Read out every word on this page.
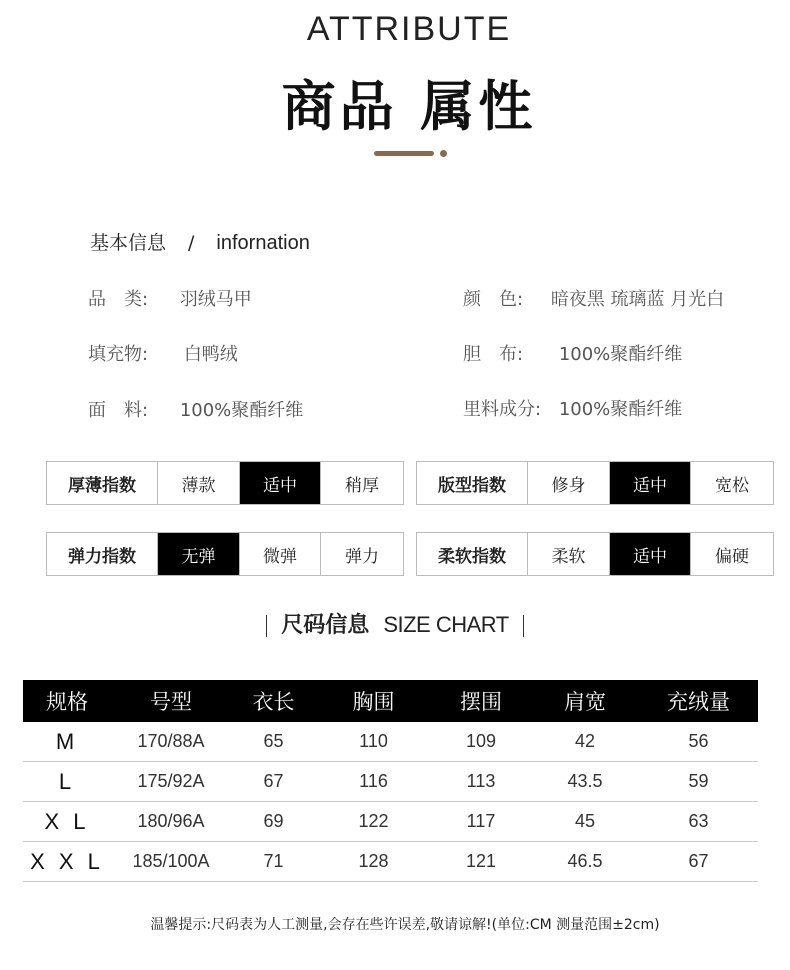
ATTRIBUTE
商品 属性
基本信息 / infornation
品　类: 羽绒马甲	颜　色: 暗夜黑 琉璃蓝 月光白
填充物: 白鸭绒	胆　布: 100%聚酯纤维
面　料: 100%聚酯纤维	里料成分: 100%聚酯纤维
厚薄指数	薄款	适中	稍厚	版型指数	修身	适中	宽松
弹力指数	无弹	微弹	弹力	柔软指数	柔软	适中	偏硬
尺码信息 SIZE CHART
规格	号型	衣长	胸围	摆围	肩宽	充绒量
M	170/88A	65	110	109	42	56
L	175/92A	67	116	113	43.5	59
X L	180/96A	69	122	117	45	63
X X L	185/100A	71	128	121	46.5	67
温馨提示:尺码表为人工测量,会存在些许误差,敬请谅解!(单位:CM 测量范围±2cm)
